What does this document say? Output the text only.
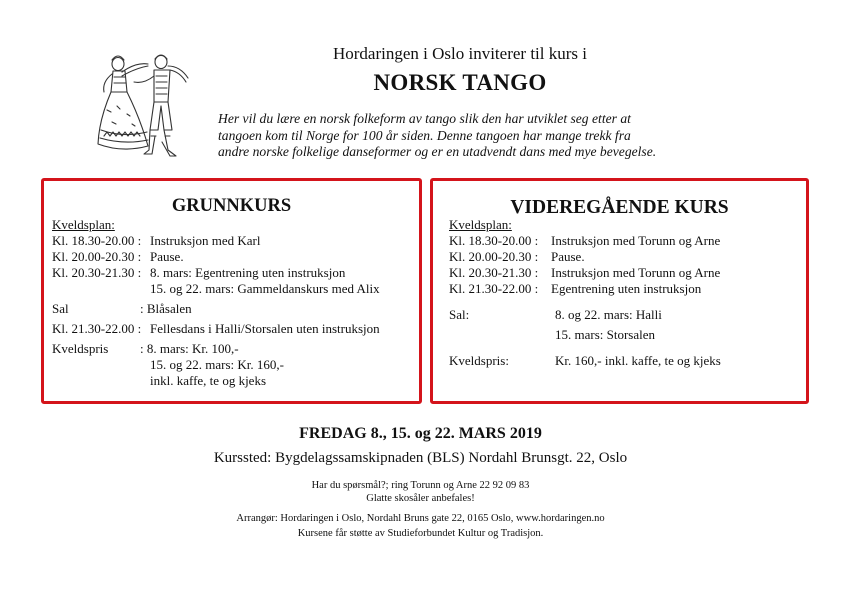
Hordaringen i Oslo inviterer til kurs i
NORSK TANGO
Her vil du lære en norsk folkeform av tango slik den har utviklet seg etter at
tangoen kom til Norge for 100 år siden. Denne tangoen har mange trekk fra
andre norske folkelige danseformer og er en utadvendt dans med mye bevegelse.
GRUNNKURS
Kveldsplan:
Kl. 18.30-20.00 : Instruksjon med Karl
Kl. 20.00-20.30 : Pause.
Kl. 20.30-21.30 : 8. mars: Egentrening uten instruksjon
15. og 22. mars: Gammeldanskurs med Alix
Sal	: Blåsalen
Kl. 21.30-22.00 : Fellesdans i Halli/Storsalen uten instruksjon
Kveldspris	: 8. mars: Kr. 100,-
15. og 22. mars: Kr. 160,-
inkl. kaffe, te og kjeks
VIDEREGÅENDE KURS
Kveldsplan:
Kl. 18.30-20.00 : Instruksjon med Torunn og Arne
Kl. 20.00-20.30 : Pause.
Kl. 20.30-21.30 : Instruksjon med Torunn og Arne
Kl. 21.30-22.00 : Egentrening uten instruksjon
Sal:	8. og 22. mars: Halli
15. mars: Storsalen
Kveldspris:	Kr. 160,- inkl. kaffe, te og kjeks
FREDAG 8., 15. og 22. MARS 2019
Kurssted: Bygdelagssamskipnaden (BLS) Nordahl Brunsgt. 22, Oslo
Har du spørsmål?; ring Torunn og Arne 22 92 09 83
Glatte skosåler anbefales!
Arrangør: Hordaringen i Oslo, Nordahl Bruns gate 22, 0165 Oslo, www.hordaringen.no
Kursene får støtte av Studieforbundet Kultur og Tradisjon.
